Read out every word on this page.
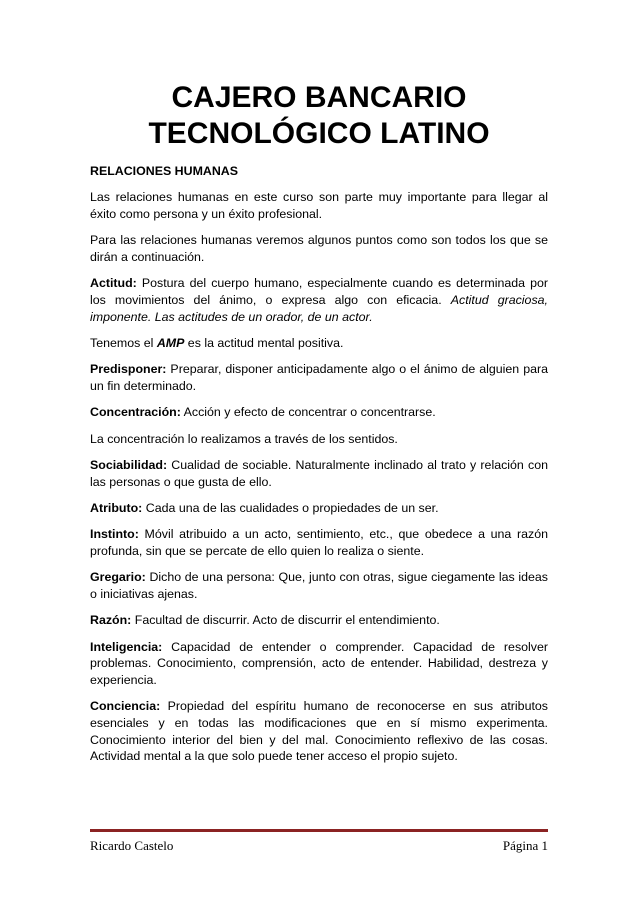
CAJERO BANCARIO
TECNOLÓGICO LATINO

RELACIONES HUMANAS

Las relaciones humanas en este curso son parte muy importante para llegar al éxito como persona y un éxito profesional.

Para las relaciones humanas veremos algunos puntos como son todos los que se dirán a continuación.

Actitud: Postura del cuerpo humano, especialmente cuando es determinada por los movimientos del ánimo, o expresa algo con eficacia. Actitud graciosa, imponente. Las actitudes de un orador, de un actor.

Tenemos el AMP es la actitud mental positiva.

Predisponer: Preparar, disponer anticipadamente algo o el ánimo de alguien para un fin determinado.

Concentración: Acción y efecto de concentrar o concentrarse.

La concentración lo realizamos a través de los sentidos.

Sociabilidad: Cualidad de sociable. Naturalmente inclinado al trato y relación con las personas o que gusta de ello.

Atributo: Cada una de las cualidades o propiedades de un ser.

Instinto: Móvil atribuido a un acto, sentimiento, etc., que obedece a una razón profunda, sin que se percate de ello quien lo realiza o siente.

Gregario: Dicho de una persona: Que, junto con otras, sigue ciegamente las ideas o iniciativas ajenas.

Razón: Facultad de discurrir. Acto de discurrir el entendimiento.

Inteligencia: Capacidad de entender o comprender. Capacidad de resolver problemas. Conocimiento, comprensión, acto de entender. Habilidad, destreza y experiencia.

Conciencia: Propiedad del espíritu humano de reconocerse en sus atributos esenciales y en todas las modificaciones que en sí mismo experimenta. Conocimiento interior del bien y del mal. Conocimiento reflexivo de las cosas. Actividad mental a la que solo puede tener acceso el propio sujeto.

Ricardo Castelo	Página 1
